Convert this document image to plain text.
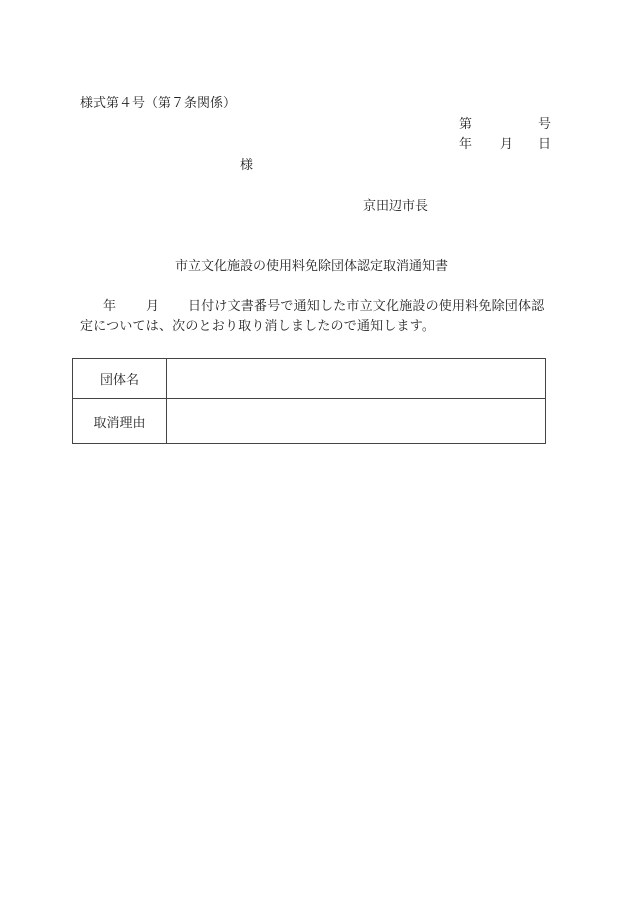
様式第４号（第７条関係）
第	号
年 月 日
様
京田辺市長
市立文化施設の使用料免除団体認定取消通知書
年 月 日付け文書番号で通知した市立文化施設の使用料免除団体認
定については、次のとおり取り消しましたので通知します。
団体名	
取消理由	
